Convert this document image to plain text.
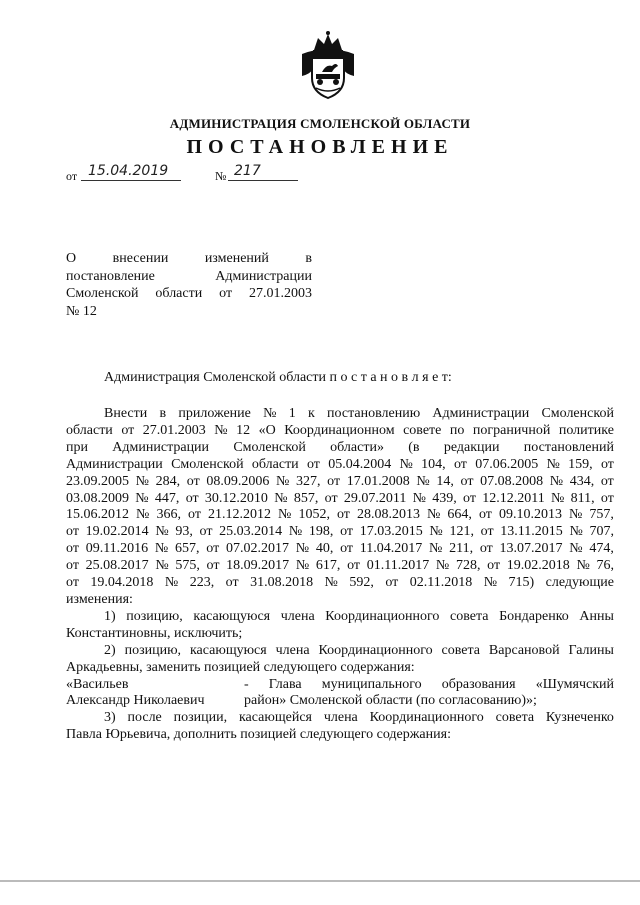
АДМИНИСТРАЦИЯ СМОЛЕНСКОЙ ОБЛАСТИ
ПОСТАНОВЛЕНИЕ
от 15.04.2019	№ 217
О	внесении	изменений	в
постановление	Администрации
Смоленской области от 27.01.2003
№ 12
Администрация Смоленской области п о с т а н о в л я е т:
Внести в приложение № 1 к постановлению Администрации Смоленской
области от 27.01.2003 № 12 «О Координационном совете по пограничной политике
при Администрации Смоленской области» (в редакции постановлений
Администрации Смоленской области от 05.04.2004 № 104, от 07.06.2005 № 159, от
23.09.2005 № 284, от 08.09.2006 № 327, от 17.01.2008 № 14, от 07.08.2008 № 434, от
03.08.2009 № 447, от 30.12.2010 № 857, от 29.07.2011 № 439, от 12.12.2011 № 811, от
15.06.2012 № 366, от 21.12.2012 № 1052, от 28.08.2013 № 664, от 09.10.2013 № 757,
от 19.02.2014 № 93, от 25.03.2014 № 198, от 17.03.2015 № 121, от 13.11.2015 № 707,
от 09.11.2016 № 657, от 07.02.2017 № 40, от 11.04.2017 № 211, от 13.07.2017 № 474,
от 25.08.2017 № 575, от 18.09.2017 № 617, от 01.11.2017 № 728, от 19.02.2018 № 76,
от 19.04.2018 № 223, от 31.08.2018 № 592, от 02.11.2018 № 715) следующие
изменения:
1) позицию, касающуюся члена Координационного совета Бондаренко Анны
Константиновны, исключить;
2) позицию, касающуюся члена Координационного совета Варсановой Галины
Аркадьевны, заменить позицией следующего содержания:
«Васильев	- Глава муниципального образования «Шумячский
Александр Николаевич	район» Смоленской области (по согласованию)»;
3) после позиции, касающейся члена Координационного совета Кузнеченко
Павла Юрьевича, дополнить позицией следующего содержания:
